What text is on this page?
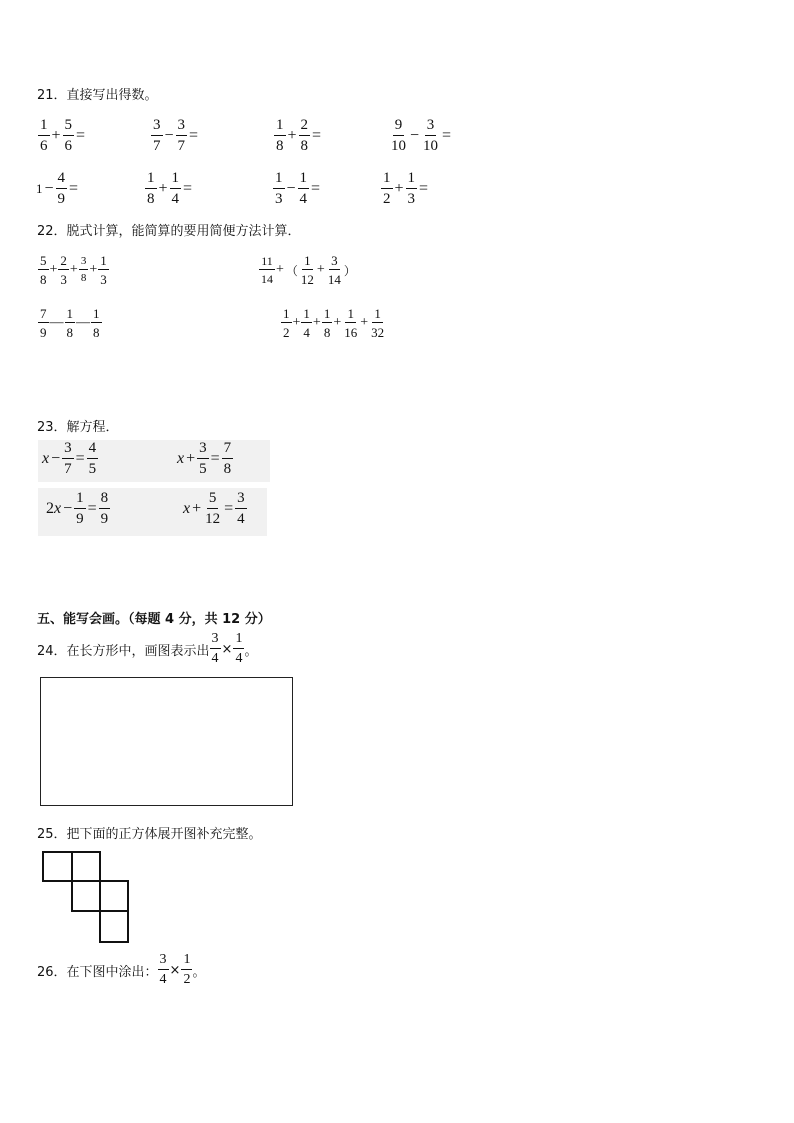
21．直接写出得数。
$\frac{1}{6} + \frac{5}{6}$ =	$\frac{3}{7} - \frac{3}{7}$ =	$\frac{1}{8} + \frac{2}{8}$ =	$\frac{9}{10} - \frac{3}{10}$ =
$1 - \frac{4}{9}$ =	$\frac{1}{8} + \frac{1}{4}$ =	$\frac{1}{3} - \frac{1}{4}$ =	$\frac{1}{2} + \frac{1}{3}$ =
22．脱式计算，能简算的要用简便方法计算．
$\frac{5}{8} + \frac{2}{3} + \frac{3}{8} + \frac{1}{3}$	$\frac{11}{14}$ + （ $\frac{1}{12} + \frac{3}{14}$ ）
$\frac{7}{9}$ — $\frac{1}{8}$ — $\frac{1}{8}$	$\frac{1}{2} + \frac{1}{4} + \frac{1}{8} + \frac{1}{16} + \frac{1}{32}$
23．解方程．
$x - \frac{3}{7} = \frac{4}{5}$	$x + \frac{3}{5} = \frac{7}{8}$
2 $x - \frac{1}{9} = \frac{8}{9}$	$x + \frac{5}{12} = \frac{3}{4}$
五、能写会画。（每题 4 分，共 12 分）
24．在长方形中，画图表示出 $\frac{3}{4} \times \frac{1}{4}$ 。
25．把下面的正方体展开图补充完整。
26．在下图中涂出： $\frac{3}{4} \times \frac{1}{2}$ 。
